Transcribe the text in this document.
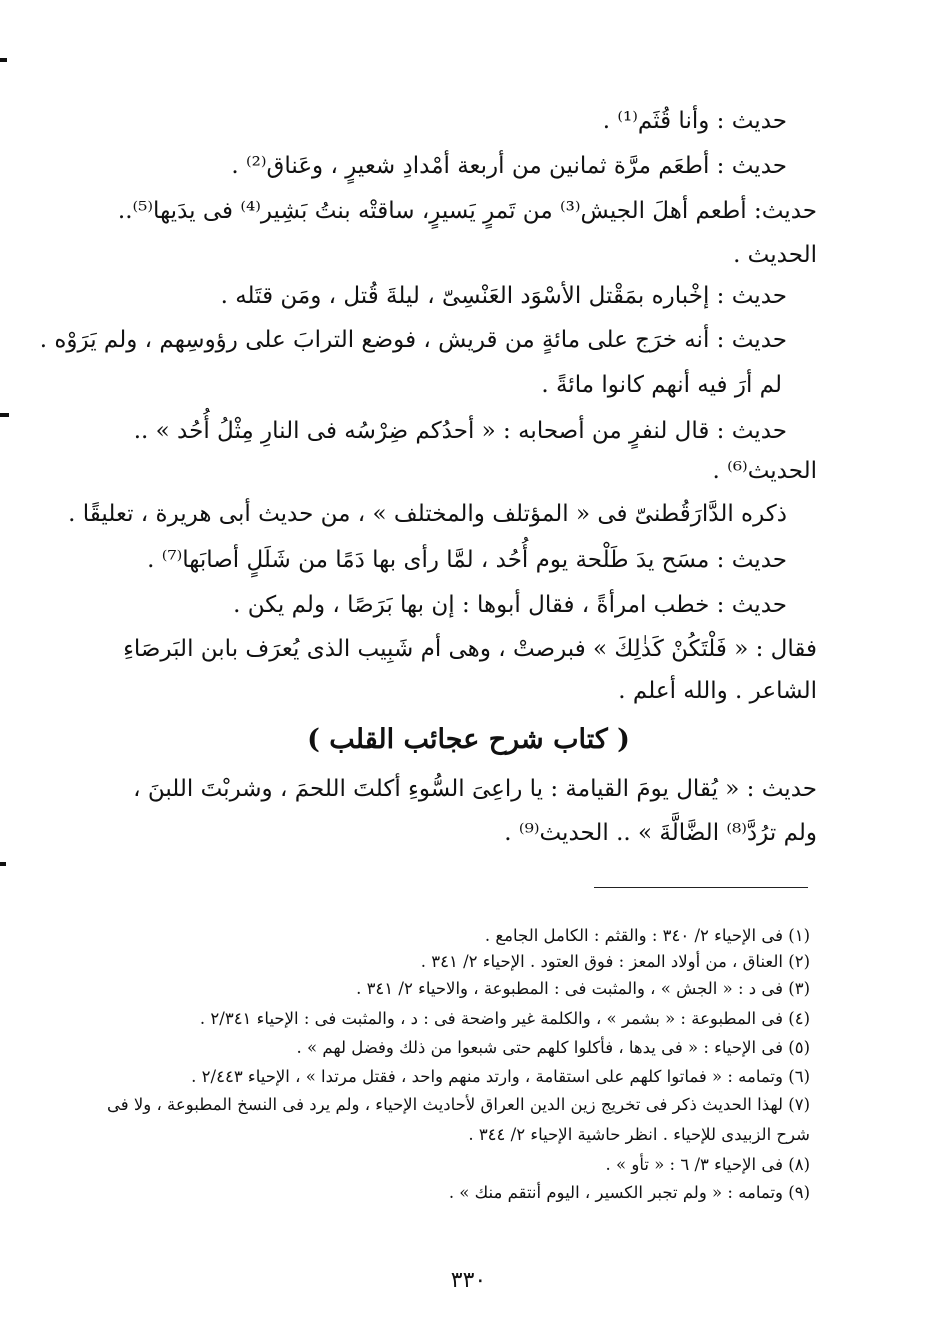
حديث : وأنا قُثَم⁽¹⁾ .
حديث : أطعَم مرَّة ثمانين من أربعة أمْدادِ شعيرٍ ، وعَناق⁽²⁾ .
حديث: أطعم أهلَ الجيش⁽³⁾ من تَمرٍ يَسيرٍ، ساقتْه بنتُ بَشِير⁽⁴⁾ فى يدَيها⁽⁵⁾..
الحديث .
حديث : إخْباره بمَقْتل الأسْوَد العَنْسِىّ ، ليلةَ قُتل ، ومَن قتَله .
حديث : أنه خرَج على مائةٍ من قريش ، فوضع الترابَ على رؤوسِهم ، ولم يَرَوْه .
لم أرَ فيه أنهم كانوا مائةً .
حديث : قال لنفرٍ من أصحابه : « أحدُكم ضِرْسُه فى النارِ مِثْلُ أُحُد » ..
الحديث⁽⁶⁾ .
ذكره الدَّارَقُطنىّ فى « المؤتلف والمختلف » ، من حديث أبى هريرة ، تعليقًا .
حديث : مسَح يدَ طَلْحة يوم أُحُد ، لمَّا رأى بها دَمًا من شَلَلٍ أصابَها⁽⁷⁾ .
حديث : خطب امرأةً ، فقال أبوها : إن بها بَرَصًا ، ولم يكن .
فقال : « فَلْتَكُنْ كَذٰلِكَ » فبرصتْ ، وهى أم شَبِيب الذى يُعرَف بابن البَرصَاءِ
الشاعر . والله أعلم .
( كتاب شرح عجائب القلب )
حديث : « يُقال يومَ القيامة : يا راعِىَ السُّوءِ أكلتَ اللحمَ ، وشربْتَ اللبنَ ،
ولم ترُدَّ⁽⁸⁾ الضَّالَّةَ » .. الحديث⁽⁹⁾ .
(١) فى الإحياء ٢/ ٣٤٠ : والقثم : الكامل الجامع .
(٢) العناق ، من أولاد المعز : فوق العتود . الإحياء ٢/ ٣٤١ .
(٣) فى د : « الجش » ، والمثبت فى : المطبوعة ، والاحياء ٢/ ٣٤١ .
(٤) فى المطبوعة : « بشمر » ، والكلمة غير واضحة فى : د ، والمثبت فى : الإحياء ٢/٣٤١ .
(٥) فى الإحياء : « فى يدها ، فأكلوا كلهم حتى شبعوا من ذلك وفضل لهم » .
(٦) وتمامه : « فماتوا كلهم على استقامة ، وارتد منهم واحد ، فقتل مرتدا » ، الإحياء ٢/٤٤٣ .
(٧) لهذا الحديث ذكر فى تخريج زين الدين العراق لأحاديث الإحياء ، ولم يرد فى النسخ المطبوعة ، ولا فى
شرح الزبيدى للإحياء . انظر حاشية الإحياء ٢/ ٣٤٤ .
(٨) فى الإحياء ٣/ ٦ : « تأو » .
(٩) وتمامه : « ولم تجبر الكسير ، اليوم أنتقم منك » .
٣٣٠
